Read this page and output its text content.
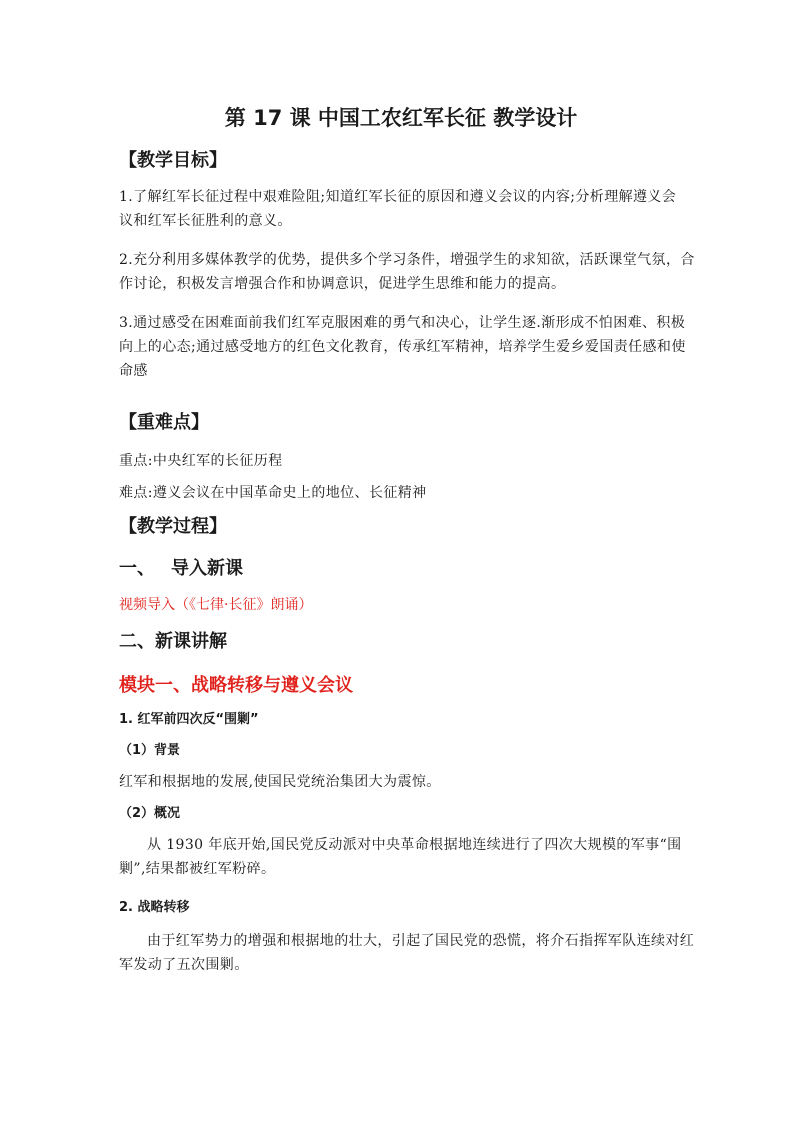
第 17 课 中国工农红军长征 教学设计
【教学目标】
1.了解红军长征过程中艰难险阻;知道红军长征的原因和遵义会议的内容;分析理解遵义会
议和红军长征胜利的意义。
2.充分利用多媒体教学的优势，提供多个学习条件，增强学生的求知欲，活跃课堂气氛，合
作讨论，积极发言增强合作和协调意识，促进学生思维和能力的提高。
3.通过感受在困难面前我们红军克服困难的勇气和决心，让学生逐.渐形成不怕困难、积极
向上的心态;通过感受地方的红色文化教育，传承红军精神，培养学生爱乡爱国责任感和使
命感
【重难点】
重点:中央红军的长征历程
难点:遵义会议在中国革命史上的地位、长征精神
【教学过程】
一、 导入新课
视频导入（《七律·长征》朗诵）
二、新课讲解
模块一、战略转移与遵义会议
1. 红军前四次反“围剿”
（1）背景
红军和根据地的发展,使国民党统治集团大为震惊。
（2）概况
从 1930 年底开始,国民党反动派对中央革命根据地连续进行了四次大规模的军事“围
剿”,结果都被红军粉碎。
2. 战略转移
由于红军势力的增强和根据地的壮大，引起了国民党的恐慌，将介石指挥军队连续对红
军发动了五次围剿。
